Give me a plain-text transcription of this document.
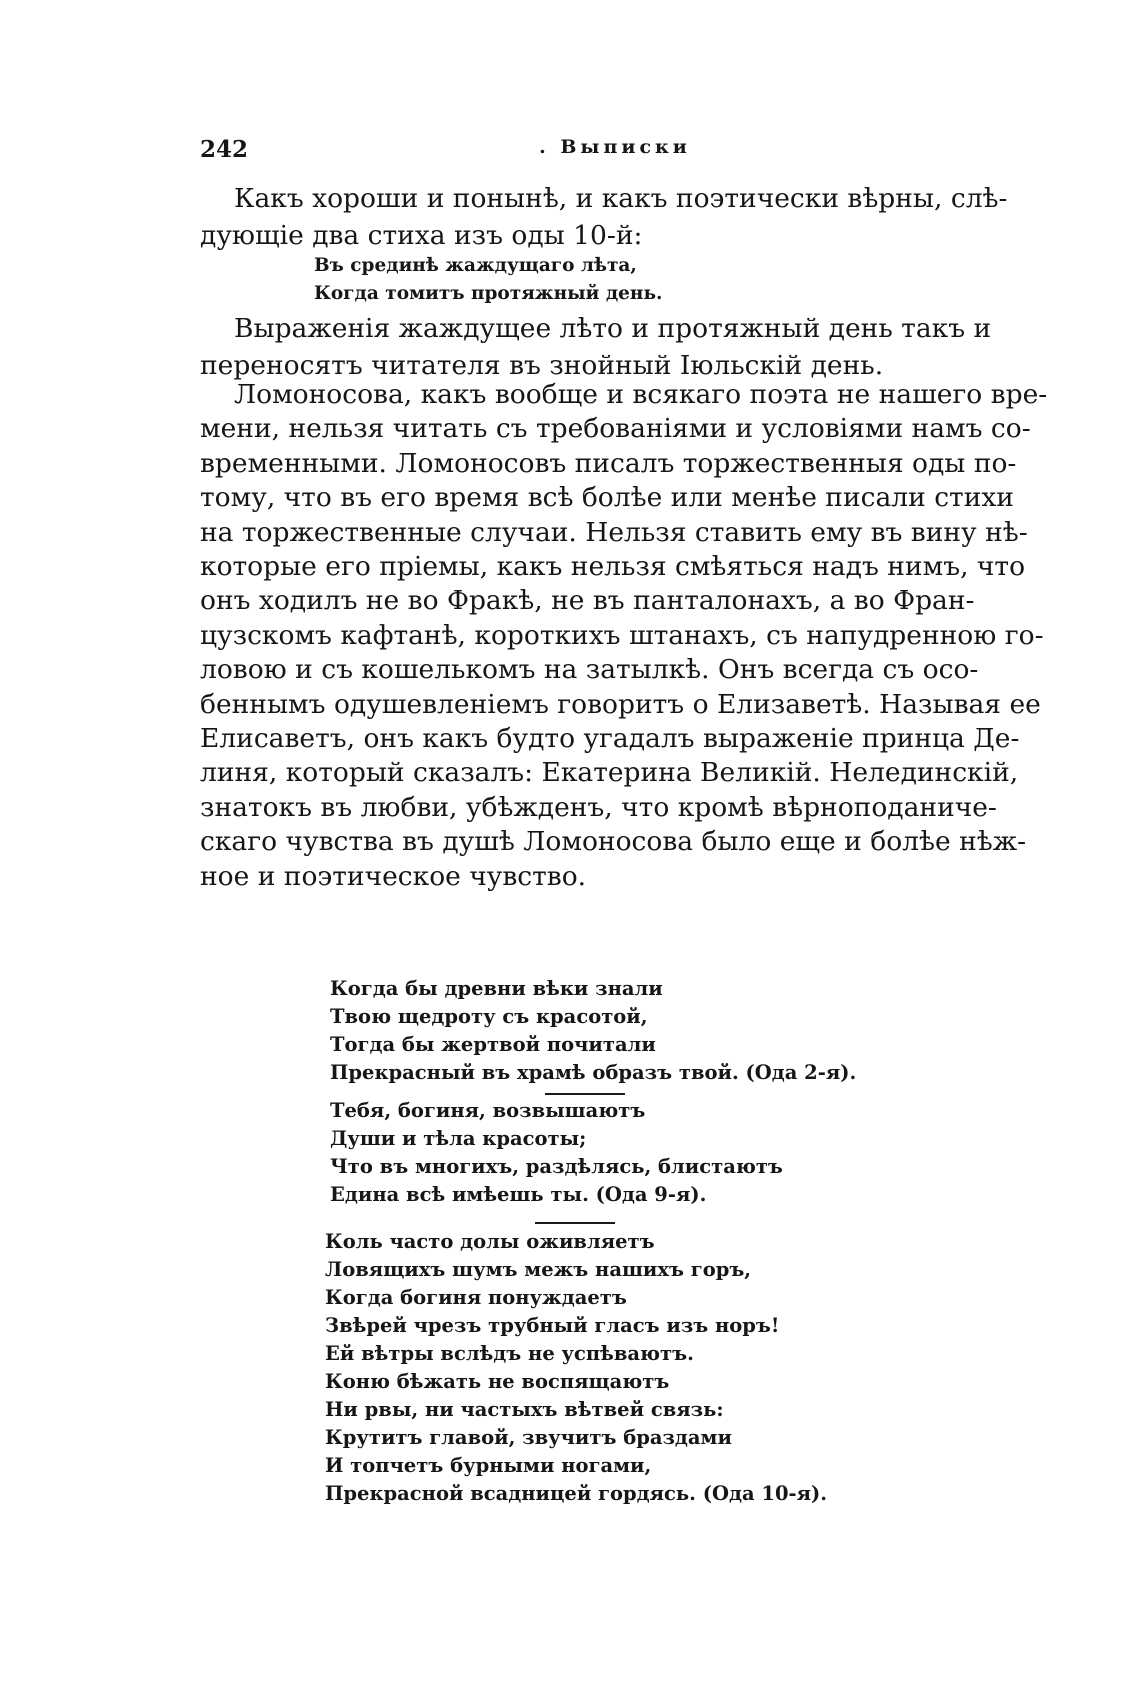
242	. Выписки
Какъ хороши и понынѣ, и какъ поэтически вѣрны, слѣ-
дующіе два стиха изъ оды 10-й:
Въ срединѣ жаждущаго лѣта,
Когда томитъ протяжный день.
Выраженія жаждущее лѣто и протяжный день такъ и
переносятъ читателя въ знойный Іюльскій день.
Ломоносова, какъ вообще и всякаго поэта не нашего вре-
мени, нельзя читать съ требованіями и условіями намъ со-
временными. Ломоносовъ писалъ торжественныя оды по-
тому, что въ его время всѣ болѣе или менѣе писали стихи
на торжественные случаи. Нельзя ставить ему въ вину нѣ-
которые его пріемы, какъ нельзя смѣяться надъ нимъ, что
онъ ходилъ не во Фракѣ, не въ панталонахъ, а во Фран-
цузскомъ кафтанѣ, короткихъ штанахъ, съ напудренною го-
ловою и съ кошелькомъ на затылкѣ. Онъ всегда съ осо-
беннымъ одушевленіемъ говоритъ о Елизаветѣ. Называя ее
Елисаветъ, онъ какъ будто угадалъ выраженіе принца Де-
линя, который сказалъ: Екатерина Великій. Нелединскій,
знатокъ въ любви, убѣжденъ, что кромѣ вѣрноподаниче-
скаго чувства въ душѣ Ломоносова было еще и болѣе нѣж-
ное и поэтическое чувство.
Когда бы древни вѣки знали
Твою щедроту съ красотой,
Тогда бы жертвой почитали
Прекрасный въ храмѣ образъ твой. (Ода 2-я).
Тебя, богиня, возвышаютъ
Души и тѣла красоты;
Что въ многихъ, раздѣлясь, блистаютъ
Едина всѣ имѣешь ты. (Ода 9-я).
Коль часто долы оживляетъ
Ловящихъ шумъ межъ нашихъ горъ,
Когда богиня понуждаетъ
Звѣрей чрезъ трубный гласъ изъ норъ!
Ей вѣтры вслѣдъ не успѣваютъ.
Коню бѣжать не воспящаютъ
Ни рвы, ни частыхъ вѣтвей связь:
Крутитъ главой, звучитъ браздами
И топчетъ бурными ногами,
Прекрасной всадницей гордясь. (Ода 10-я).
